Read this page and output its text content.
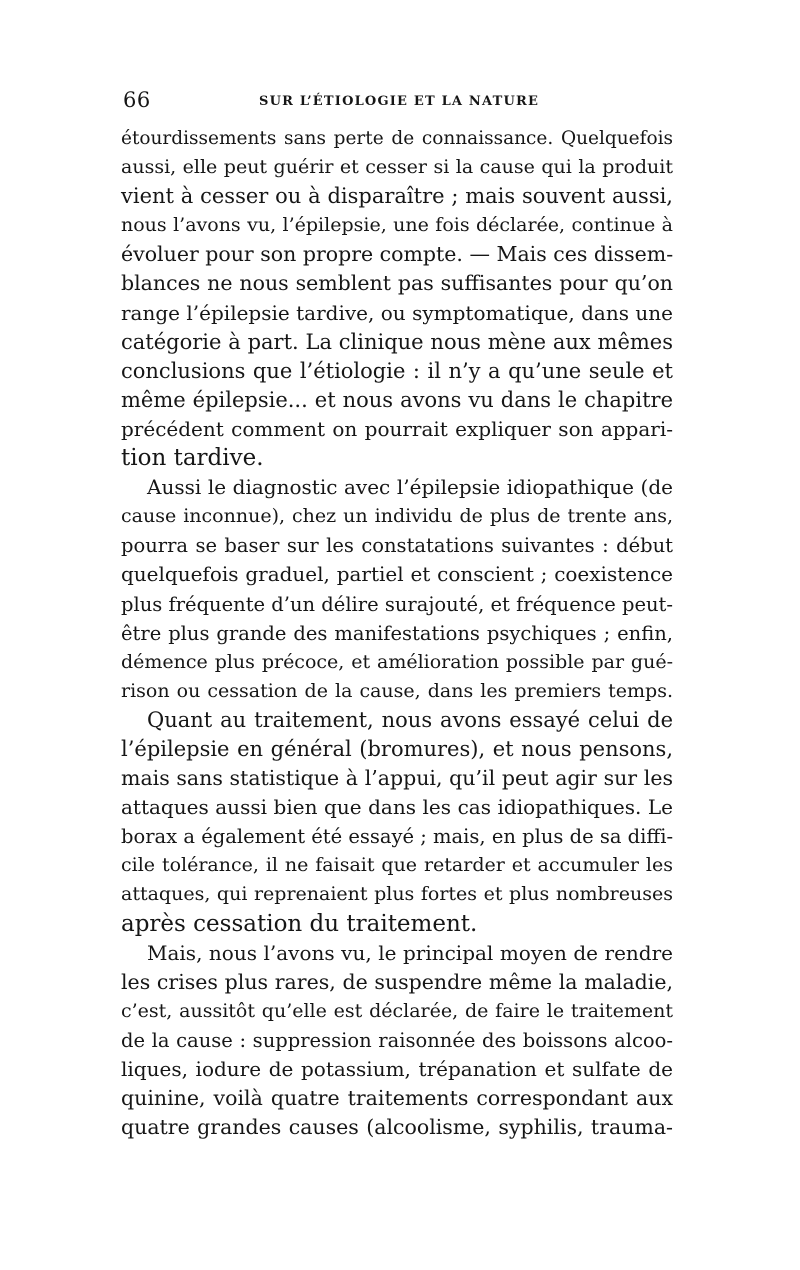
66	SUR L’ÉTIOLOGIE ET LA NATURE
étourdissements sans perte de connaissance. Quelquefois
aussi, elle peut guérir et cesser si la cause qui la produit
vient à cesser ou à disparaître ; mais souvent aussi,
nous l’avons vu, l’épilepsie, une fois déclarée, continue à
évoluer pour son propre compte. — Mais ces dissem-
blances ne nous semblent pas suffisantes pour qu’on
range l’épilepsie tardive, ou symptomatique, dans une
catégorie à part. La clinique nous mène aux mêmes
conclusions que l’étiologie : il n’y a qu’une seule et
même épilepsie... et nous avons vu dans le chapitre
précédent comment on pourrait expliquer son appari-
tion tardive.
Aussi le diagnostic avec l’épilepsie idiopathique (de
cause inconnue), chez un individu de plus de trente ans,
pourra se baser sur les constatations suivantes : début
quelquefois graduel, partiel et conscient ; coexistence
plus fréquente d’un délire surajouté, et fréquence peut-
être plus grande des manifestations psychiques ; enfin,
démence plus précoce, et amélioration possible par gué-
rison ou cessation de la cause, dans les premiers temps.
Quant au traitement, nous avons essayé celui de
l’épilepsie en général (bromures), et nous pensons,
mais sans statistique à l’appui, qu’il peut agir sur les
attaques aussi bien que dans les cas idiopathiques. Le
borax a également été essayé ; mais, en plus de sa diffi-
cile tolérance, il ne faisait que retarder et accumuler les
attaques, qui reprenaient plus fortes et plus nombreuses
après cessation du traitement.
Mais, nous l’avons vu, le principal moyen de rendre
les crises plus rares, de suspendre même la maladie,
c’est, aussitôt qu’elle est déclarée, de faire le traitement
de la cause : suppression raisonnée des boissons alcoo-
liques, iodure de potassium, trépanation et sulfate de
quinine, voilà quatre traitements correspondant aux
quatre grandes causes (alcoolisme, syphilis, trauma-
